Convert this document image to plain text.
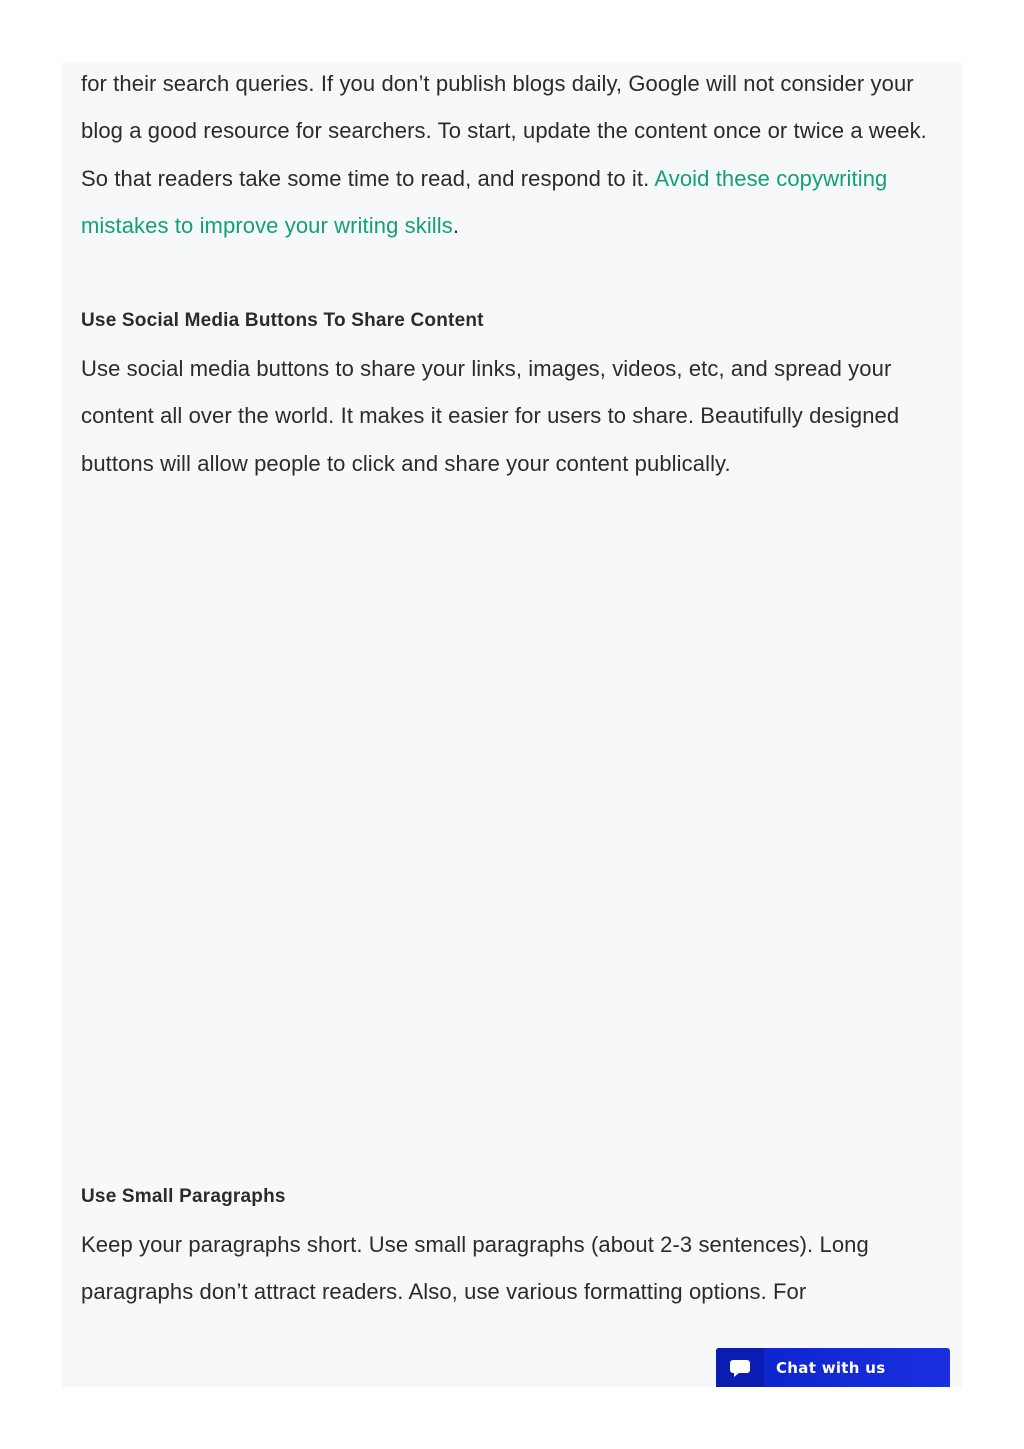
for their search queries. If you don’t publish blogs daily, Google will not consider your blog a good resource for searchers. To start, update the content once or twice a week. So that readers take some time to read, and respond to it. Avoid these copywriting mistakes to improve your writing skills.

Use Social Media Buttons To Share Content

Use social media buttons to share your links, images, videos, etc, and spread your content all over the world. It makes it easier for users to share. Beautifully designed buttons will allow people to click and share your content publically.

Use Small Paragraphs

Keep your paragraphs short. Use small paragraphs (about 2-3 sentences). Long paragraphs don’t attract readers. Also, use various formatting options. For

Chat with us
